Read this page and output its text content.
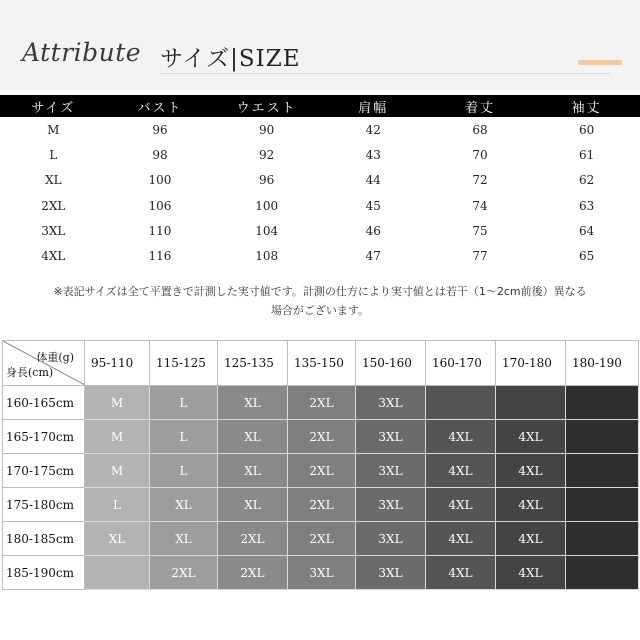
Attribute サイズ|SIZE
サイズ	バスト	ウエスト	肩幅	着丈	袖丈
M	96	90	42	68	60
L	98	92	43	70	61
XL	100	96	44	72	62
2XL	106	100	45	74	63
3XL	110	104	46	75	64
4XL	116	108	47	77	65
※表記サイズは全て平置きで計測した実寸値です。計測の仕方により実寸値とは若干（1～2cm前後）異なる
場合がございます。
体重(g)
身長(cm)	95-110	115-125	125-135	135-150	150-160	160-170	170-180	180-190
160-165cm	M	L	XL	2XL	3XL			
165-170cm	M	L	XL	2XL	3XL	4XL	4XL	
170-175cm	M	L	XL	2XL	3XL	4XL	4XL	
175-180cm	L	XL	XL	2XL	3XL	4XL	4XL	
180-185cm	XL	XL	2XL	2XL	3XL	4XL	4XL	
185-190cm		2XL	2XL	3XL	3XL	4XL	4XL	
